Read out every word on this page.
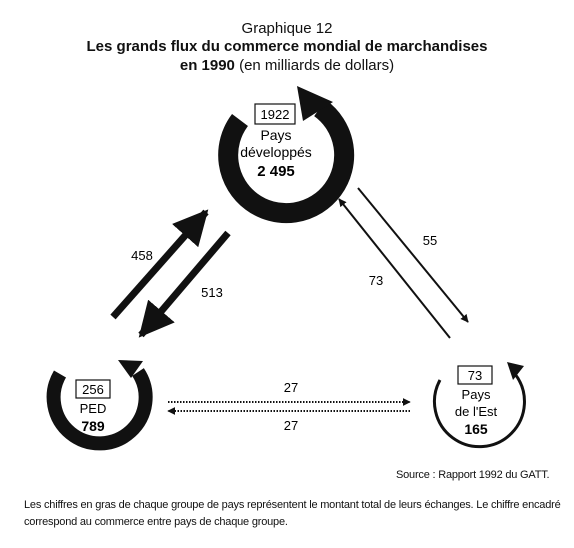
Graphique 12
Les grands flux du commerce mondial de marchandises
en 1990 (en milliards de dollars)
1922
Pays
développés
2 495
256
PED
789
73
Pays
de l'Est
165
458
513
55
73
27
27
Source : Rapport 1992 du GATT.
Les chiffres en gras de chaque groupe de pays représentent le montant total de leurs échanges. Le chiffre encadré correspond au commerce entre pays de chaque groupe.
